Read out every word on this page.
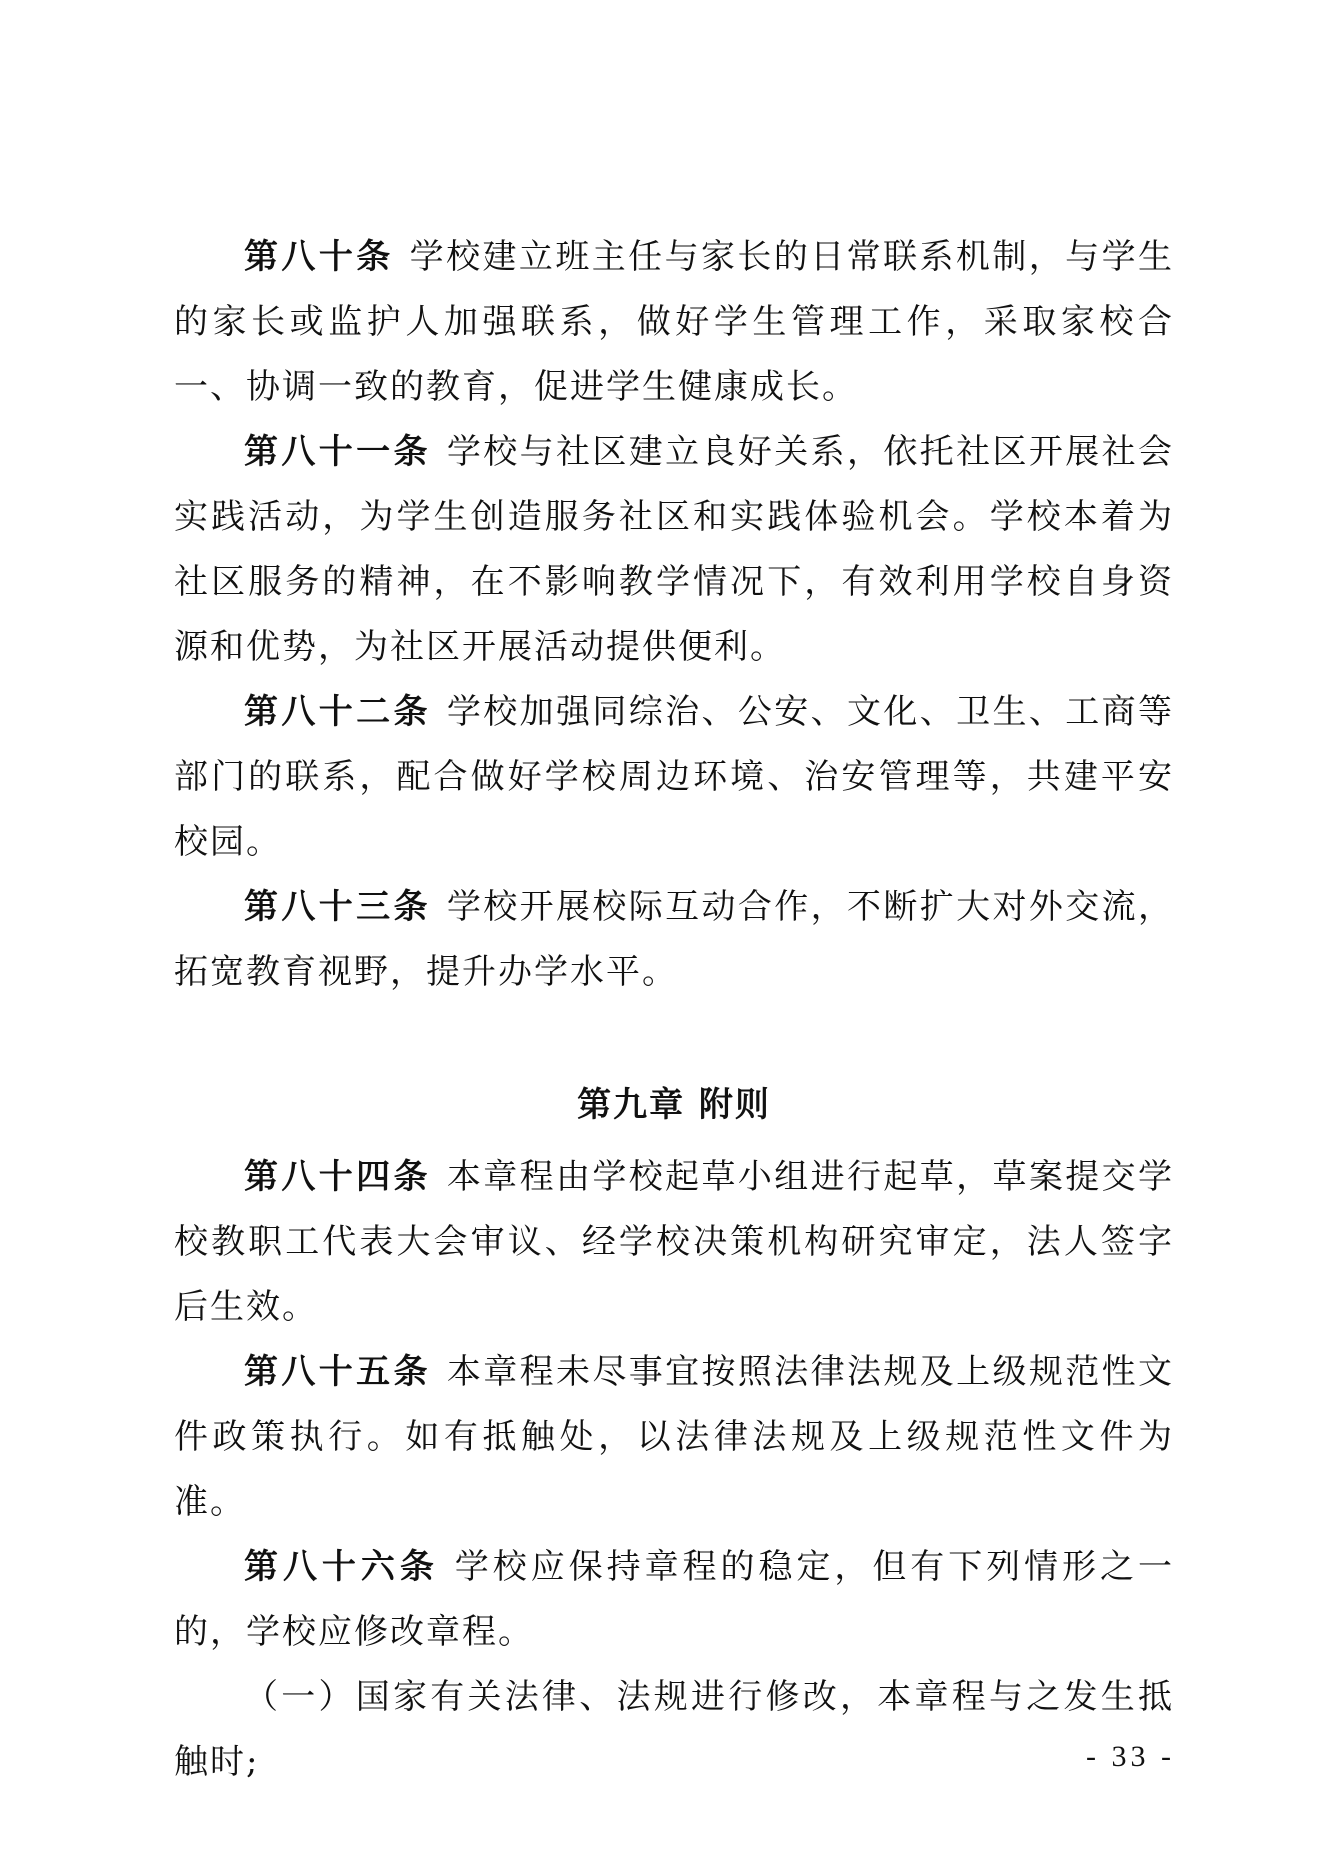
第八十条 学校建立班主任与家长的日常联系机制，与学生的家长或监护人加强联系，做好学生管理工作，采取家校合一、协调一致的教育，促进学生健康成长。

第八十一条 学校与社区建立良好关系，依托社区开展社会实践活动，为学生创造服务社区和实践体验机会。学校本着为社区服务的精神，在不影响教学情况下，有效利用学校自身资源和优势，为社区开展活动提供便利。

第八十二条 学校加强同综治、公安、文化、卫生、工商等部门的联系，配合做好学校周边环境、治安管理等，共建平安校园。

第八十三条 学校开展校际互动合作，不断扩大对外交流，拓宽教育视野，提升办学水平。

第九章 附则

第八十四条 本章程由学校起草小组进行起草，草案提交学校教职工代表大会审议、经学校决策机构研究审定，法人签字后生效。

第八十五条 本章程未尽事宜按照法律法规及上级规范性文件政策执行。如有抵触处，以法律法规及上级规范性文件为准。

第八十六条 学校应保持章程的稳定，但有下列情形之一的，学校应修改章程。

（一）国家有关法律、法规进行修改，本章程与之发生抵触时;	- 33 -
